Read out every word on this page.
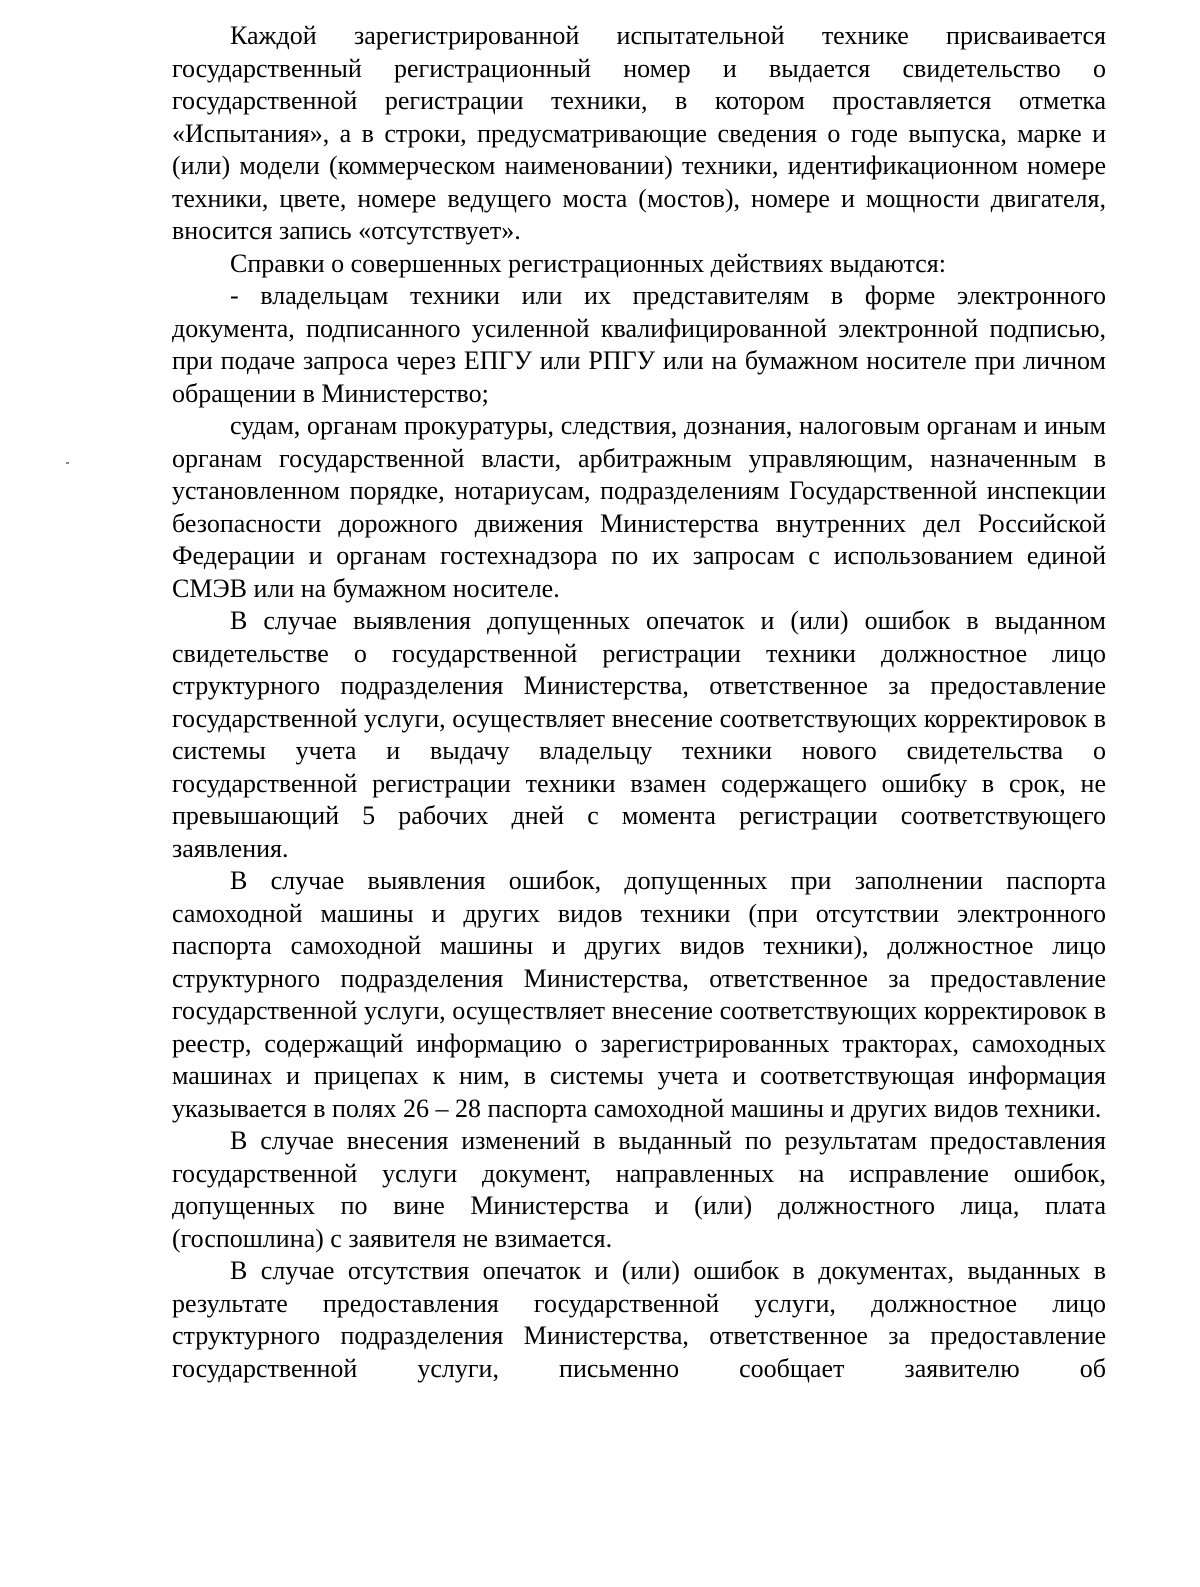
Каждой зарегистрированной испытательной технике присваивается государственный регистрационный номер и выдается свидетельство о государственной регистрации техники, в котором проставляется отметка «Испытания», а в строки, предусматривающие сведения о годе выпуска, марке и (или) модели (коммерческом наименовании) техники, идентификационном номере техники, цвете, номере ведущего моста (мостов), номере и мощности двигателя, вносится запись «отсутствует».

Справки о совершенных регистрационных действиях выдаются:

- владельцам техники или их представителям в форме электронного документа, подписанного усиленной квалифицированной электронной подписью, при подаче запроса через ЕПГУ или РПГУ или на бумажном носителе при личном обращении в Министерство;

судам, органам прокуратуры, следствия, дознания, налоговым органам и иным органам государственной власти, арбитражным управляющим, назначенным в установленном порядке, нотариусам, подразделениям Государственной инспекции безопасности дорожного движения Министерства внутренних дел Российской Федерации и органам гостехнадзора по их запросам с использованием единой СМЭВ или на бумажном носителе.

В случае выявления допущенных опечаток и (или) ошибок в выданном свидетельстве о государственной регистрации техники должностное лицо структурного подразделения Министерства, ответственное за предоставление государственной услуги, осуществляет внесение соответствующих корректировок в системы учета и выдачу владельцу техники нового свидетельства о государственной регистрации техники взамен содержащего ошибку в срок, не превышающий 5 рабочих дней с момента регистрации соответствующего заявления.

В случае выявления ошибок, допущенных при заполнении паспорта самоходной машины и других видов техники (при отсутствии электронного паспорта самоходной машины и других видов техники), должностное лицо структурного подразделения Министерства, ответственное за предоставление государственной услуги, осуществляет внесение соответствующих корректировок в реестр, содержащий информацию о зарегистрированных тракторах, самоходных машинах и прицепах к ним, в системы учета и соответствующая информация указывается в полях 26 – 28 паспорта самоходной машины и других видов техники.

В случае внесения изменений в выданный по результатам предоставления государственной услуги документ, направленных на исправление ошибок, допущенных по вине Министерства и (или) должностного лица, плата (госпошлина) с заявителя не взимается.

В случае отсутствия опечаток и (или) ошибок в документах, выданных в результате предоставления государственной услуги, должностное лицо структурного подразделения Министерства, ответственное за предоставление государственной услуги, письменно сообщает заявителю об
